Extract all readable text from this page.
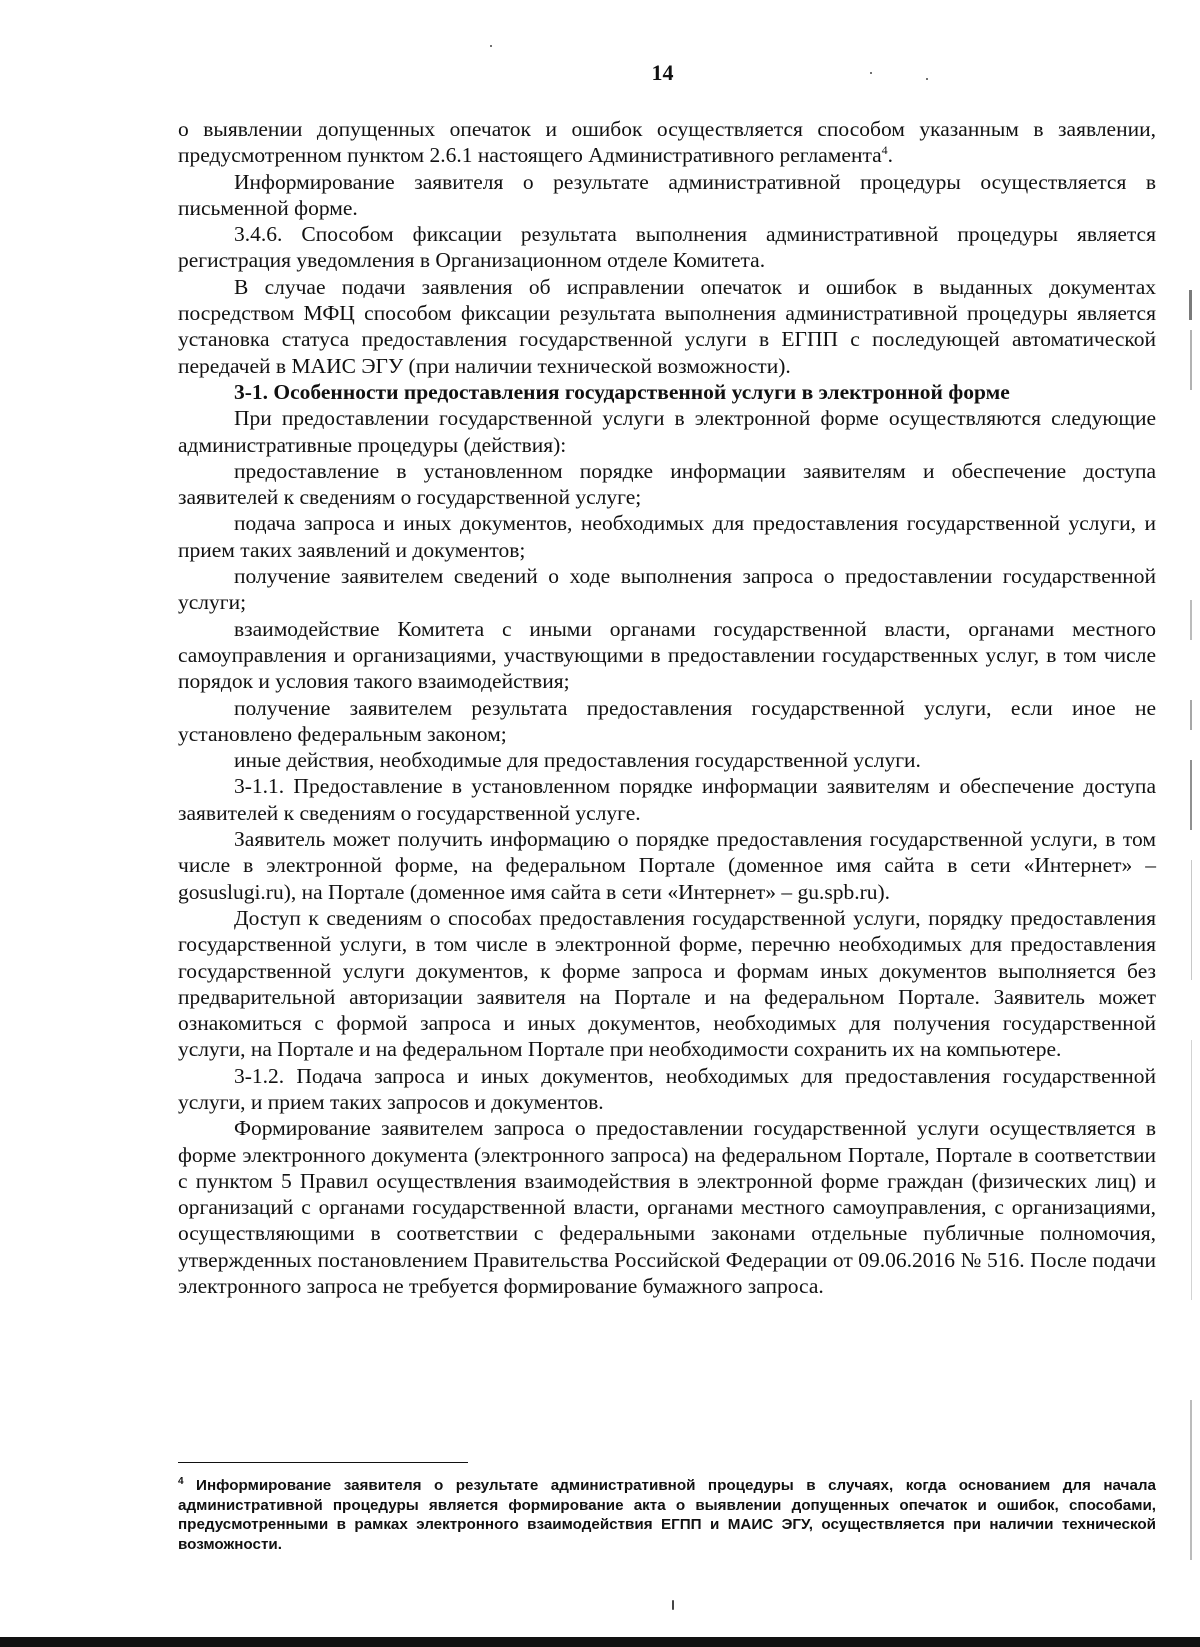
14

о выявлении допущенных опечаток и ошибок осуществляется способом указанным в заявлении, предусмотренном пунктом 2.6.1 настоящего Административного регламента$^4$.

Информирование заявителя о результате административной процедуры осуществляется в письменной форме.

3.4.6. Способом фиксации результата выполнения административной процедуры является регистрация уведомления в Организационном отделе Комитета.

В случае подачи заявления об исправлении опечаток и ошибок в выданных документах посредством МФЦ способом фиксации результата выполнения административной процедуры является установка статуса предоставления государственной услуги в ЕГПП с последующей автоматической передачей в МАИС ЭГУ (при наличии технической возможности).

3-1. Особенности предоставления государственной услуги в электронной форме

При предоставлении государственной услуги в электронной форме осуществляются следующие административные процедуры (действия):

предоставление в установленном порядке информации заявителям и обеспечение доступа заявителей к сведениям о государственной услуге;

подача запроса и иных документов, необходимых для предоставления государственной услуги, и прием таких заявлений и документов;

получение заявителем сведений о ходе выполнения запроса о предоставлении государственной услуги;

взаимодействие Комитета с иными органами государственной власти, органами местного самоуправления и организациями, участвующими в предоставлении государственных услуг, в том числе порядок и условия такого взаимодействия;

получение заявителем результата предоставления государственной услуги, если иное не установлено федеральным законом;

иные действия, необходимые для предоставления государственной услуги.

3-1.1. Предоставление в установленном порядке информации заявителям и обеспечение доступа заявителей к сведениям о государственной услуге.

Заявитель может получить информацию о порядке предоставления государственной услуги, в том числе в электронной форме, на федеральном Портале (доменное имя сайта в сети «Интернет» – gosuslugi.ru), на Портале (доменное имя сайта в сети «Интернет» – gu.spb.ru).

Доступ к сведениям о способах предоставления государственной услуги, порядку предоставления государственной услуги, в том числе в электронной форме, перечню необходимых для предоставления государственной услуги документов, к форме запроса и формам иных документов выполняется без предварительной авторизации заявителя на Портале и на федеральном Портале. Заявитель может ознакомиться с формой запроса и иных документов, необходимых для получения государственной услуги, на Портале и на федеральном Портале при необходимости сохранить их на компьютере.

3-1.2. Подача запроса и иных документов, необходимых для предоставления государственной услуги, и прием таких запросов и документов.

Формирование заявителем запроса о предоставлении государственной услуги осуществляется в форме электронного документа (электронного запроса) на федеральном Портале, Портале в соответствии с пунктом 5 Правил осуществления взаимодействия в электронной форме граждан (физических лиц) и организаций с органами государственной власти, органами местного самоуправления, с организациями, осуществляющими в соответствии с федеральными законами отдельные публичные полномочия, утвержденных постановлением Правительства Российской Федерации от 09.06.2016 № 516. После подачи электронного запроса не требуется формирование бумажного запроса.

$^4$ Информирование заявителя о результате административной процедуры в случаях, когда основанием для начала административной процедуры является формирование акта о выявлении допущенных опечаток и ошибок, способами, предусмотренными в рамках электронного взаимодействия ЕГПП и МАИС ЭГУ, осуществляется при наличии технической возможности.
